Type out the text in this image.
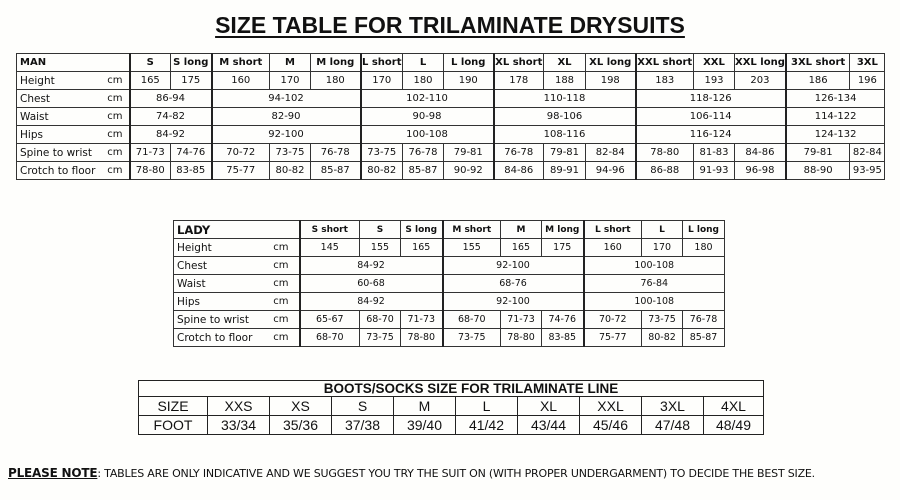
SIZE TABLE FOR TRILAMINATE DRYSUITS
MAN		S	S long	M short	M	M long	L short	L	L long	XL short	XL	XL long	XXL short	XXL	XXL long	3XL short	3XL
Height	cm	165	175	160	170	180	170	180	190	178	188	198	183	193	203	186	196
Chest	cm	86-94		94-102			102-110			110-118			118-126			126-134	
Waist	cm	74-82		82-90			90-98			98-106			106-114			114-122	
Hips	cm	84-92		92-100			100-108			108-116			116-124			124-132	
Spine to wrist	cm	71-73	74-76	70-72	73-75	76-78	73-75	76-78	79-81	76-78	79-81	82-84	78-80	81-83	84-86	79-81	82-84
Crotch to floor	cm	78-80	83-85	75-77	80-82	85-87	80-82	85-87	90-92	84-86	89-91	94-96	86-88	91-93	96-98	88-90	93-95
LADY		S short	S	S long	M short	M	M long	L short	L	L long
Height	cm	145	155	165	155	165	175	160	170	180
Chest	cm	84-92			92-100			100-108		
Waist	cm	60-68			68-76			76-84		
Hips	cm	84-92			92-100			100-108		
Spine to wrist	cm	65-67	68-70	71-73	68-70	71-73	74-76	70-72	73-75	76-78
Crotch to floor	cm	68-70	73-75	78-80	73-75	78-80	83-85	75-77	80-82	85-87
BOOTS/SOCKS SIZE FOR TRILAMINATE LINE									
SIZE	XXS	XS	S	M	L	XL	XXL	3XL	4XL
FOOT	33/34	35/36	37/38	39/40	41/42	43/44	45/46	47/48	48/49
PLEASE NOTE: TABLES ARE ONLY INDICATIVE AND WE SUGGEST YOU TRY THE SUIT ON (WITH PROPER UNDERGARMENT) TO DECIDE THE BEST SIZE.
